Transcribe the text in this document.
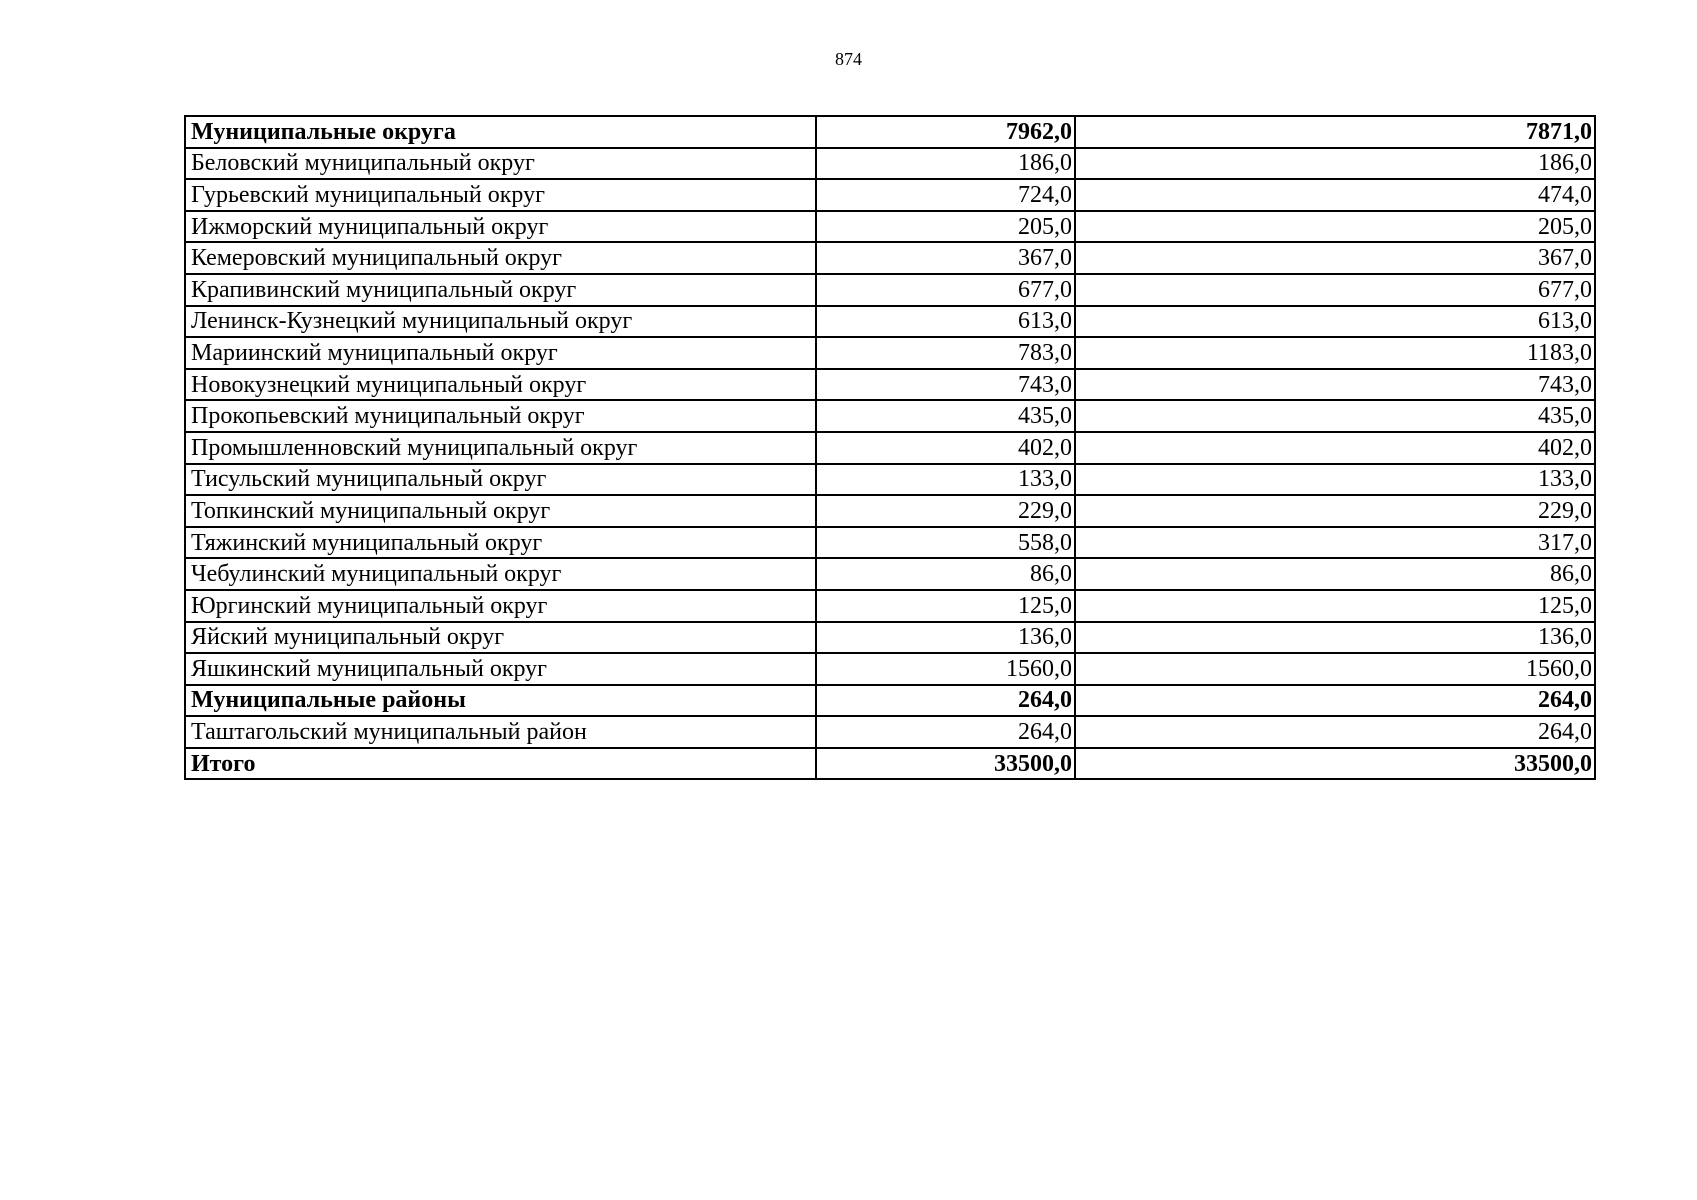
874
Муниципальные округа	7962,0	7871,0
Беловский муниципальный округ	186,0	186,0
Гурьевский муниципальный округ	724,0	474,0
Ижморский муниципальный округ	205,0	205,0
Кемеровский муниципальный округ	367,0	367,0
Крапивинский муниципальный округ	677,0	677,0
Ленинск-Кузнецкий муниципальный округ	613,0	613,0
Мариинский муниципальный округ	783,0	1183,0
Новокузнецкий муниципальный округ	743,0	743,0
Прокопьевский муниципальный округ	435,0	435,0
Промышленновский муниципальный округ	402,0	402,0
Тисульский муниципальный округ	133,0	133,0
Топкинский муниципальный округ	229,0	229,0
Тяжинский муниципальный округ	558,0	317,0
Чебулинский муниципальный округ	86,0	86,0
Юргинский муниципальный округ	125,0	125,0
Яйский муниципальный округ	136,0	136,0
Яшкинский муниципальный округ	1560,0	1560,0
Муниципальные районы	264,0	264,0
Таштагольский муниципальный район	264,0	264,0
Итого	33500,0	33500,0
